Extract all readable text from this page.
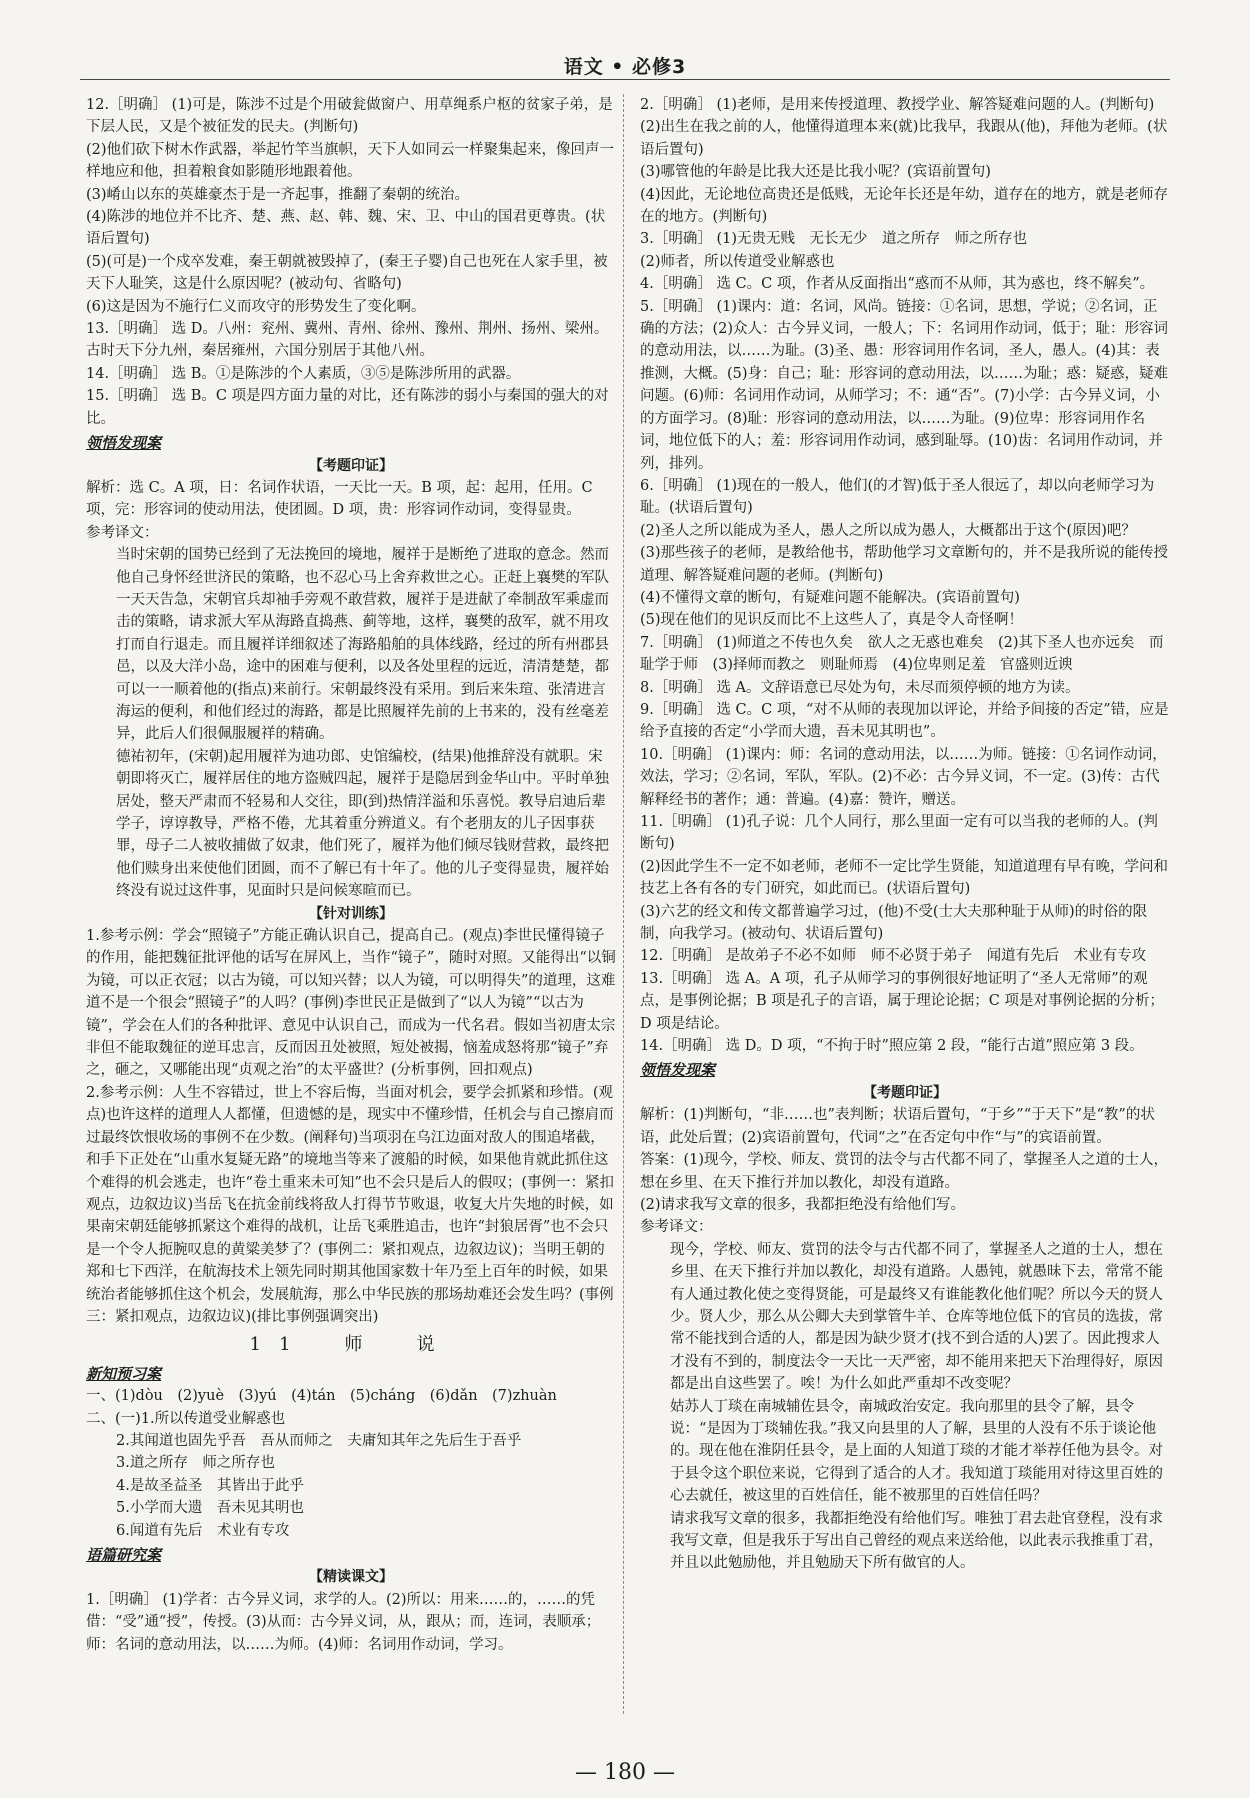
语文 • 必修3

12.［明确］ (1)可是，陈涉不过是个用破瓮做窗户、用草绳系户枢的贫家子弟，是下层人民，又是个被征发的民夫。(判断句)

(2)他们砍下树木作武器，举起竹竿当旗帜，天下人如同云一样聚集起来，像回声一样地应和他，担着粮食如影随形地跟着他。

(3)崤山以东的英雄豪杰于是一齐起事，推翻了秦朝的统治。

(4)陈涉的地位并不比齐、楚、燕、赵、韩、魏、宋、卫、中山的国君更尊贵。(状语后置句)

(5)(可是)一个戍卒发难，秦王朝就被毁掉了，(秦王子婴)自己也死在人家手里，被天下人耻笑，这是什么原因呢？(被动句、省略句)

(6)这是因为不施行仁义而攻守的形势发生了变化啊。

13.［明确］ 选 D。八州：兖州、冀州、青州、徐州、豫州、荆州、扬州、梁州。古时天下分九州，秦居雍州，六国分别居于其他八州。

14.［明确］ 选 B。①是陈涉的个人素质，③⑤是陈涉所用的武器。

15.［明确］ 选 B。C 项是四方面力量的对比，还有陈涉的弱小与秦国的强大的对比。

领悟发现案

【考题印证】

解析：选 C。A 项，日：名词作状语，一天比一天。B 项，起：起用，任用。C 项，完：形容词的使动用法，使团圆。D 项，贵：形容词作动词，变得显贵。

参考译文：

当时宋朝的国势已经到了无法挽回的境地，履祥于是断绝了进取的意念。然而他自己身怀经世济民的策略，也不忍心马上舍弃救世之心。正赶上襄樊的军队一天天告急，宋朝官兵却袖手旁观不敢营救，履祥于是进献了牵制敌军乘虚而击的策略，请求派大军从海路直捣燕、蓟等地，这样，襄樊的敌军，就不用攻打而自行退走。而且履祥详细叙述了海路船舶的具体线路，经过的所有州郡县邑，以及大洋小岛，途中的困难与便利，以及各处里程的远近，清清楚楚，都可以一一顺着他的(指点)来前行。宋朝最终没有采用。到后来朱瑄、张清进言海运的便利，和他们经过的海路，都是比照履祥先前的上书来的，没有丝毫差异，此后人们很佩服履祥的精确。

德祐初年，(宋朝)起用履祥为迪功郎、史馆编校，(结果)他推辞没有就职。宋朝即将灭亡，履祥居住的地方盗贼四起，履祥于是隐居到金华山中。平时单独居处，整天严肃而不轻易和人交往，即(到)热情洋溢和乐喜悦。教导启迪后辈学子，谆谆教导，严格不倦，尤其着重分辨道义。有个老朋友的儿子因事获罪，母子二人被收捕做了奴隶，他们死了，履祥为他们倾尽钱财营救，最终把他们赎身出来使他们团圆，而不了解已有十年了。他的儿子变得显贵，履祥始终没有说过这件事，见面时只是问候寒暄而已。

【针对训练】

1.参考示例：学会“照镜子”方能正确认识自己，提高自己。(观点)李世民懂得镜子的作用，能把魏征批评他的话写在屏风上，当作“镜子”，随时对照。又能得出“以铜为镜，可以正衣冠；以古为镜，可以知兴替；以人为镜，可以明得失”的道理，这难道不是一个很会“照镜子”的人吗？(事例)李世民正是做到了“以人为镜”“以古为镜”，学会在人们的各种批评、意见中认识自己，而成为一代名君。假如当初唐太宗非但不能取魏征的逆耳忠言，反而因丑处被照，短处被揭，恼羞成怒将那“镜子”弃之，砸之，又哪能出现“贞观之治”的太平盛世？(分析事例，回扣观点)

2.参考示例：人生不容错过，世上不容后悔，当面对机会，要学会抓紧和珍惜。(观点)也许这样的道理人人都懂，但遗憾的是，现实中不懂珍惜，任机会与自己擦肩而过最终饮恨收场的事例不在少数。(阐释句)当项羽在乌江边面对敌人的围追堵截，和手下正处在“山重水复疑无路”的境地当等来了渡船的时候，如果他肯就此抓住这个难得的机会逃走，也许“卷土重来未可知”也不会只是后人的假叹；(事例一：紧扣观点，边叙边议)当岳飞在抗金前线将敌人打得节节败退，收复大片失地的时候，如果南宋朝廷能够抓紧这个难得的战机，让岳飞乘胜追击，也许“封狼居胥”也不会只是一个令人扼腕叹息的黄粱美梦了？(事例二：紧扣观点，边叙边议)；当明王朝的郑和七下西洋，在航海技术上领先同时期其他国家数十年乃至上百年的时候，如果统治者能够抓住这个机会，发展航海，那么中华民族的那场劫难还会发生吗？(事例三：紧扣观点，边叙边议)(排比事例强调突出)

11　师　说

新知预习案

一、(1)dòu　(2)yuè　(3)yú　(4)tán　(5)cháng　(6)dǎn　(7)zhuàn

二、(一)1.所以传道受业解惑也

2.其闻道也固先乎吾　吾从而师之　夫庸知其年之先后生于吾乎

3.道之所存　师之所存也

4.是故圣益圣　其皆出于此乎

5.小学而大遗　吾未见其明也

6.闻道有先后　术业有专攻

语篇研究案

【精读课文】

1.［明确］ (1)学者：古今异义词，求学的人。(2)所以：用来……的，……的凭借：“受”通“授”，传授。(3)从而：古今异义词，从，跟从；而，连词，表顺承；师：名词的意动用法，以……为师。(4)师：名词用作动词，学习。

2.［明确］ (1)老师，是用来传授道理、教授学业、解答疑难问题的人。(判断句)

(2)出生在我之前的人，他懂得道理本来(就)比我早，我跟从(他)，拜他为老师。(状语后置句)

(3)哪管他的年龄是比我大还是比我小呢？(宾语前置句)

(4)因此，无论地位高贵还是低贱，无论年长还是年幼，道存在的地方，就是老师存在的地方。(判断句)

3.［明确］ (1)无贵无贱　无长无少　道之所存　师之所存也

(2)师者，所以传道受业解惑也

4.［明确］ 选 C。C 项，作者从反面指出“惑而不从师，其为惑也，终不解矣”。

5.［明确］ (1)课内：道：名词，风尚。链接：①名词，思想，学说；②名词，正确的方法；(2)众人：古今异义词，一般人；下：名词用作动词，低于；耻：形容词的意动用法，以……为耻。(3)圣、愚：形容词用作名词，圣人，愚人。(4)其：表推测，大概。(5)身：自己；耻：形容词的意动用法，以……为耻；惑：疑惑，疑难问题。(6)师：名词用作动词，从师学习；不：通“否”。(7)小学：古今异义词，小的方面学习。(8)耻：形容词的意动用法，以……为耻。(9)位卑：形容词用作名词，地位低下的人；羞：形容词用作动词，感到耻辱。(10)齿：名词用作动词，并列，排列。

6.［明确］ (1)现在的一般人，他们(的才智)低于圣人很远了，却以向老师学习为耻。(状语后置句)

(2)圣人之所以能成为圣人，愚人之所以成为愚人，大概都出于这个(原因)吧？

(3)那些孩子的老师，是教给他书，帮助他学习文章断句的，并不是我所说的能传授道理、解答疑难问题的老师。(判断句)

(4)不懂得文章的断句，有疑难问题不能解决。(宾语前置句)

(5)现在他们的见识反而比不上这些人了，真是令人奇怪啊！

7.［明确］ (1)师道之不传也久矣　欲人之无惑也难矣　(2)其下圣人也亦远矣　而耻学于师　(3)择师而教之　则耻师焉　(4)位卑则足羞　官盛则近谀

8.［明确］ 选 A。文辞语意已尽处为句，未尽而须停顿的地方为读。

9.［明确］ 选 C。C 项，“对不从师的表现加以评论，并给予间接的否定”错，应是给予直接的否定“小学而大遗，吾未见其明也”。

10.［明确］ (1)课内：师：名词的意动用法，以……为师。链接：①名词作动词，效法，学习；②名词，军队，军队。(2)不必：古今异义词，不一定。(3)传：古代解释经书的著作；通：普遍。(4)嘉：赞许，赠送。

11.［明确］ (1)孔子说：几个人同行，那么里面一定有可以当我的老师的人。(判断句)

(2)因此学生不一定不如老师，老师不一定比学生贤能，知道道理有早有晚，学问和技艺上各有各的专门研究，如此而已。(状语后置句)

(3)六艺的经文和传文都普遍学习过，(他)不受(士大夫那种耻于从师)的时俗的限制，向我学习。(被动句、状语后置句)

12.［明确］ 是故弟子不必不如师　师不必贤于弟子　闻道有先后　术业有专攻

13.［明确］ 选 A。A 项，孔子从师学习的事例很好地证明了“圣人无常师”的观点，是事例论据；B 项是孔子的言语，属于理论论据；C 项是对事例论据的分析；D 项是结论。

14.［明确］ 选 D。D 项，“不拘于时”照应第 2 段，“能行古道”照应第 3 段。

领悟发现案

【考题印证】

解析：(1)判断句，“非……也”表判断；状语后置句，“于乡”“于天下”是“教”的状语，此处后置；(2)宾语前置句，代词“之”在否定句中作“与”的宾语前置。

答案：(1)现今，学校、师友、赏罚的法令与古代都不同了，掌握圣人之道的士人，想在乡里、在天下推行并加以教化，却没有道路。

(2)请求我写文章的很多，我都拒绝没有给他们写。

参考译文：

现今，学校、师友、赏罚的法令与古代都不同了，掌握圣人之道的士人，想在乡里、在天下推行并加以教化，却没有道路。人愚钝，就愚昧下去，常常不能有人通过教化使之变得贤能，可是最终又有谁能教化他们呢？所以今天的贤人少。贤人少，那么从公卿大夫到掌管牛羊、仓库等地位低下的官员的选拔，常常不能找到合适的人，都是因为缺少贤才(找不到合适的人)罢了。因此搜求人才没有不到的，制度法令一天比一天严密，却不能用来把天下治理得好，原因都是出自这些罢了。唉！为什么如此严重却不改变呢？

姑苏人丁琰在南城辅佐县令，南城政治安定。我向那里的县令了解，县令说：“是因为丁琰辅佐我。”我又向县里的人了解，县里的人没有不乐于谈论他的。现在他在淮阴任县令，是上面的人知道丁琰的才能才举荐任他为县令。对于县令这个职位来说，它得到了适合的人才。我知道丁琰能用对待这里百姓的心去就任，被这里的百姓信任，能不被那里的百姓信任吗？

请求我写文章的很多，我都拒绝没有给他们写。唯独丁君去赴官登程，没有求我写文章，但是我乐于写出自己曾经的观点来送给他，以此表示我推重丁君，并且以此勉励他，并且勉励天下所有做官的人。

— 180 —
